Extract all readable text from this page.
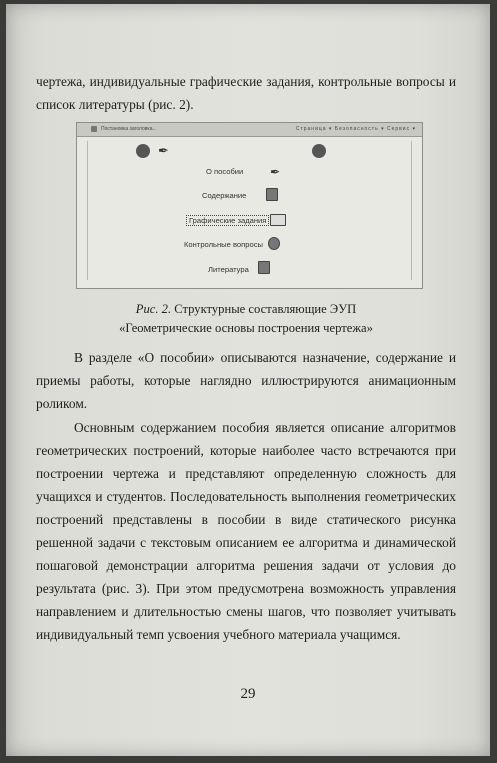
чертежа, индивидуальные графические задания, контрольные вопросы и список литературы (рис. 2).
Постановка заголовка...	Страница ▾ Безопасность ▾ Сервис ▾
✒
О пособии ✒
Содержание
Графические задания
Контрольные вопросы
Литература
Рис. 2. Структурные составляющие ЭУП
«Геометрические основы построения чертежа»
В разделе «О пособии» описываются назначение, содержание и приемы работы, которые наглядно иллюстрируются анимационным роликом.
Основным содержанием пособия является описание алгоритмов геометрических построений, которые наиболее часто встречаются при построении чертежа и представляют определенную сложность для учащихся и студентов. Последовательность выполнения геометрических построений представлены в пособии в виде статического рисунка решенной задачи с текстовым описанием ее алгоритма и динамической пошаговой демонстрации алгоритма решения задачи от условия до результата (рис. 3). При этом предусмотрена возможность управления направлением и длительностью смены шагов, что позволяет учитывать индивидуальный темп усвоения учебного материала учащимся.
29
